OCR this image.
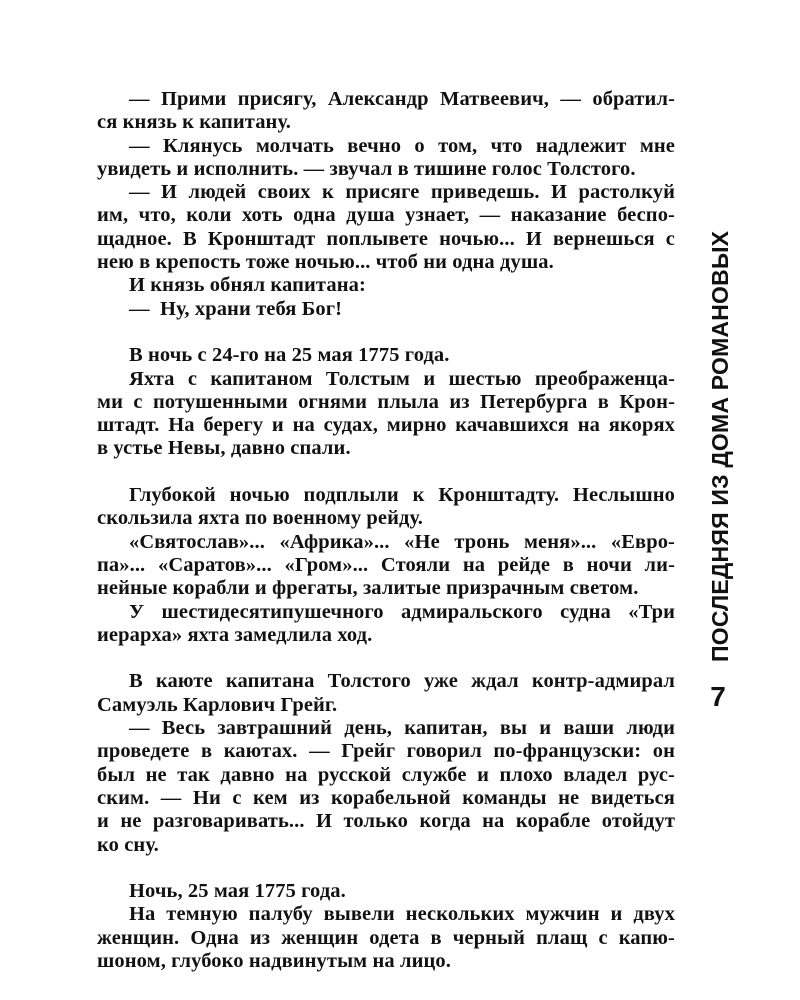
— Прими присягу, Александр Матвеевич, — обратил-
ся князь к капитану.
— Клянусь молчать вечно о том, что надлежит мне
увидеть и исполнить. — звучал в тишине голос Толстого.
— И людей своих к присяге приведешь. И растолкуй
им, что, коли хоть одна душа узнает, — наказание беспо-
щадное. В Кронштадт поплывете ночью... И вернешься с
нею в крепость тоже ночью... чтоб ни одна душа.
И князь обнял капитана:
—  Ну, храни тебя Бог!
В ночь с 24-го на 25 мая 1775 года.
Яхта с капитаном Толстым и шестью преображенца-
ми с потушенными огнями плыла из Петербурга в Крон-
штадт. На берегу и на судах, мирно качавшихся на якорях
в устье Невы, давно спали.
Глубокой ночью подплыли к Кронштадту. Неслышно
скользила яхта по военному рейду.
«Святослав»... «Африка»... «Не тронь меня»... «Евро-
па»... «Саратов»... «Гром»... Стояли на рейде в ночи ли-
нейные корабли и фрегаты, залитые призрачным светом.
У шестидесятипушечного адмиральского судна «Три
иерарха» яхта замедлила ход.
В каюте капитана Толстого уже ждал контр-адмирал
Самуэль Карлович Грейг.
— Весь завтрашний день, капитан, вы и ваши люди
проведете в каютах. — Грейг говорил по-французски: он
был не так давно на русской службе и плохо владел рус-
ским. — Ни с кем из корабельной команды не видеться
и не разговаривать... И только когда на корабле отойдут
ко сну.
Ночь, 25 мая 1775 года.
На темную палубу вывели нескольких мужчин и двух
женщин. Одна из женщин одета в черный плащ с капю-
шоном, глубоко надвинутым на лицо.
ПОСЛЕДНЯЯ ИЗ ДОМА РОМАНОВЫХ
7
